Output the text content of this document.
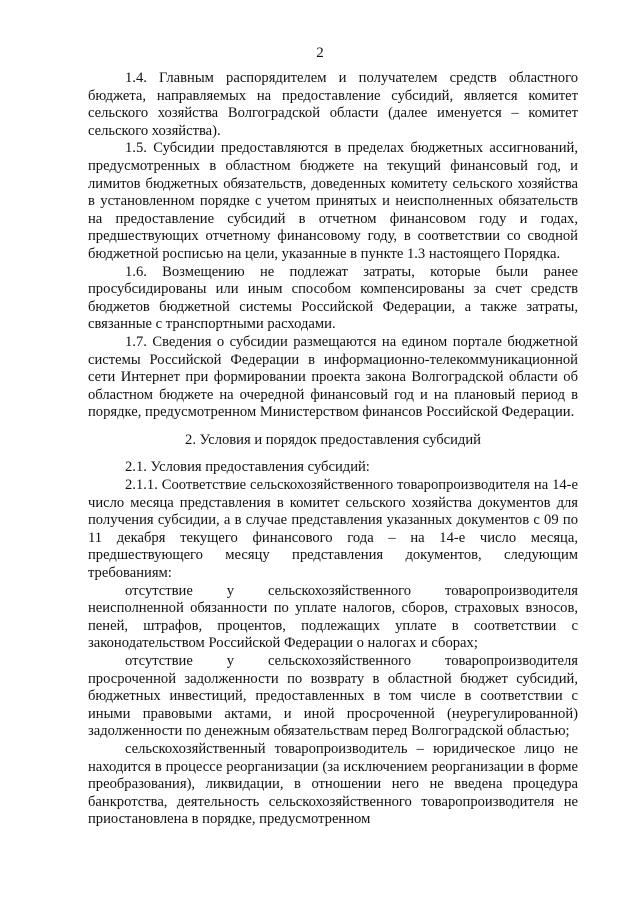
2

1.4. Главным распорядителем и получателем средств областного бюджета, направляемых на предоставление субсидий, является комитет сельского хозяйства Волгоградской области (далее именуется – комитет сельского хозяйства).

1.5. Субсидии предоставляются в пределах бюджетных ассигнований, предусмотренных в областном бюджете на текущий финансовый год, и лимитов бюджетных обязательств, доведенных комитету сельского хозяйства в установленном порядке с учетом принятых и неисполненных обязательств на предоставление субсидий в отчетном финансовом году и годах, предшествующих отчетному финансовому году, в соответствии со сводной бюджетной росписью на цели, указанные в пункте 1.3 настоящего Порядка.

1.6. Возмещению не подлежат затраты, которые были ранее просубсидированы или иным способом компенсированы за счет средств бюджетов бюджетной системы Российской Федерации, а также затраты, связанные с транспортными расходами.

1.7. Сведения о субсидии размещаются на едином портале бюджетной системы Российской Федерации в информационно-телекоммуникационной сети Интернет при формировании проекта закона Волгоградской области об областном бюджете на очередной финансовый год и на плановый период в порядке, предусмотренном Министерством финансов Российской Федерации.

2. Условия и порядок предоставления субсидий

2.1. Условия предоставления субсидий:

2.1.1. Соответствие сельскохозяйственного товаропроизводителя на 14-е число месяца представления в комитет сельского хозяйства документов для получения субсидии, а в случае представления указанных документов с 09 по 11 декабря текущего финансового года – на 14-е число месяца, предшествующего месяцу представления документов, следующим требованиям:

отсутствие у сельскохозяйственного товаропроизводителя неисполненной обязанности по уплате налогов, сборов, страховых взносов, пеней, штрафов, процентов, подлежащих уплате в соответствии с законодательством Российской Федерации о налогах и сборах;

отсутствие у сельскохозяйственного товаропроизводителя просроченной задолженности по возврату в областной бюджет субсидий, бюджетных инвестиций, предоставленных в том числе в соответствии с иными правовыми актами, и иной просроченной (неурегулированной) задолженности по денежным обязательствам перед Волгоградской областью;

сельскохозяйственный товаропроизводитель – юридическое лицо не находится в процессе реорганизации (за исключением реорганизации в форме преобразования), ликвидации, в отношении него не введена процедура банкротства, деятельность сельскохозяйственного товаропроизводителя не приостановлена в порядке, предусмотренном
